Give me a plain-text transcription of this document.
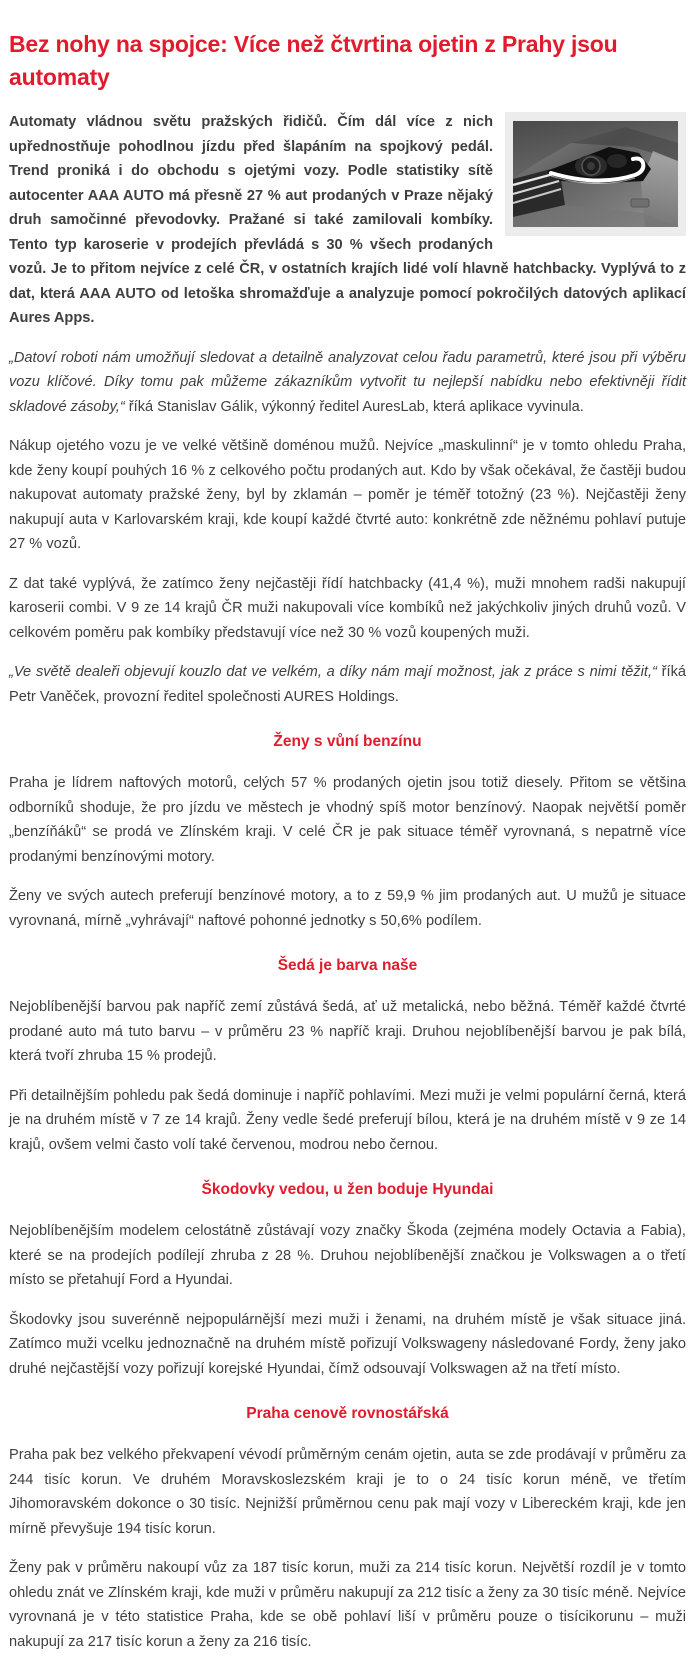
Bez nohy na spojce: Více než čtvrtina ojetin z Prahy jsou automaty

Automaty vládnou světu pražských řidičů. Čím dál více z nich upřednostňuje pohodlnou jízdu před šlapáním na spojkový pedál. Trend proniká i do obchodu s ojetými vozy. Podle statistiky sítě autocenter AAA AUTO má přesně 27 % aut prodaných v Praze nějaký druh samočinné převodovky. Pražané si také zamilovali kombíky. Tento typ karoserie v prodejích převládá s 30 % všech prodaných vozů. Je to přitom nejvíce z celé ČR, v ostatních krajích lidé volí hlavně hatchbacky. Vyplývá to z dat, která AAA AUTO od letoška shromažďuje a analyzuje pomocí pokročilých datových aplikací Aures Apps.

„Datoví roboti nám umožňují sledovat a detailně analyzovat celou řadu parametrů, které jsou při výběru vozu klíčové. Díky tomu pak můžeme zákazníkům vytvořit tu nejlepší nabídku nebo efektivněji řídit skladové zásoby,“ říká Stanislav Gálik, výkonný ředitel AuresLab, která aplikace vyvinula.

Nákup ojetého vozu je ve velké většině doménou mužů. Nejvíce „maskulinní“ je v tomto ohledu Praha, kde ženy koupí pouhých 16 % z celkového počtu prodaných aut. Kdo by však očekával, že častěji budou nakupovat automaty pražské ženy, byl by zklamán – poměr je téměř totožný (23 %). Nejčastěji ženy nakupují auta v Karlovarském kraji, kde koupí každé čtvrté auto: konkrétně zde něžnému pohlaví putuje 27 % vozů.

Z dat také vyplývá, že zatímco ženy nejčastěji řídí hatchbacky (41,4 %), muži mnohem radši nakupují karoserii combi. V 9 ze 14 krajů ČR muži nakupovali více kombíků než jakýchkoliv jiných druhů vozů. V celkovém poměru pak kombíky představují více než 30 % vozů koupených muži.

„Ve světě dealeři objevují kouzlo dat ve velkém, a díky nám mají možnost, jak z práce s nimi těžit,“ říká Petr Vaněček, provozní ředitel společnosti AURES Holdings.

Ženy s vůní benzínu

Praha je lídrem naftových motorů, celých 57 % prodaných ojetin jsou totiž diesely. Přitom se většina odborníků shoduje, že pro jízdu ve městech je vhodný spíš motor benzínový. Naopak největší poměr „benzíňáků“ se prodá ve Zlínském kraji. V celé ČR je pak situace téměř vyrovnaná, s nepatrně více prodanými benzínovými motory.

Ženy ve svých autech preferují benzínové motory, a to z 59,9 % jim prodaných aut. U mužů je situace vyrovnaná, mírně „vyhrávají“ naftové pohonné jednotky s 50,6% podílem.

Šedá je barva naše

Nejoblíbenější barvou pak napříč zemí zůstává šedá, ať už metalická, nebo běžná. Téměř každé čtvrté prodané auto má tuto barvu – v průměru 23 % napříč kraji. Druhou nejoblíbenější barvou je pak bílá, která tvoří zhruba 15 % prodejů.

Při detailnějším pohledu pak šedá dominuje i napříč pohlavími. Mezi muži je velmi populární černá, která je na druhém místě v 7 ze 14 krajů. Ženy vedle šedé preferují bílou, která je na druhém místě v 9 ze 14 krajů, ovšem velmi často volí také červenou, modrou nebo černou.

Škodovky vedou, u žen boduje Hyundai

Nejoblíbenějším modelem celostátně zůstávají vozy značky Škoda (zejména modely Octavia a Fabia), které se na prodejích podílejí zhruba z 28 %. Druhou nejoblíbenější značkou je Volkswagen a o třetí místo se přetahují Ford a Hyundai.

Škodovky jsou suverénně nejpopulárnější mezi muži i ženami, na druhém místě je však situace jiná. Zatímco muži vcelku jednoznačně na druhém místě pořizují Volkswageny následované Fordy, ženy jako druhé nejčastější vozy pořizují korejské Hyundai, čímž odsouvají Volkswagen až na třetí místo.

Praha cenově rovnostářská

Praha pak bez velkého překvapení vévodí průměrným cenám ojetin, auta se zde prodávají v průměru za 244 tisíc korun. Ve druhém Moravskoslezském kraji je to o 24 tisíc korun méně, ve třetím Jihomoravském dokonce o 30 tisíc. Nejnižší průměrnou cenu pak mají vozy v Libereckém kraji, kde jen mírně převyšuje 194 tisíc korun.

Ženy pak v průměru nakoupí vůz za 187 tisíc korun, muži za 214 tisíc korun. Největší rozdíl je v tomto ohledu znát ve Zlínském kraji, kde muži v průměru nakupují za 212 tisíc a ženy za 30 tisíc méně. Nejvíce vyrovnaná je v této statistice Praha, kde se obě pohlaví liší v průměru pouze o tisícikorunu – muži nakupují za 217 tisíc korun a ženy za 216 tisíc.
